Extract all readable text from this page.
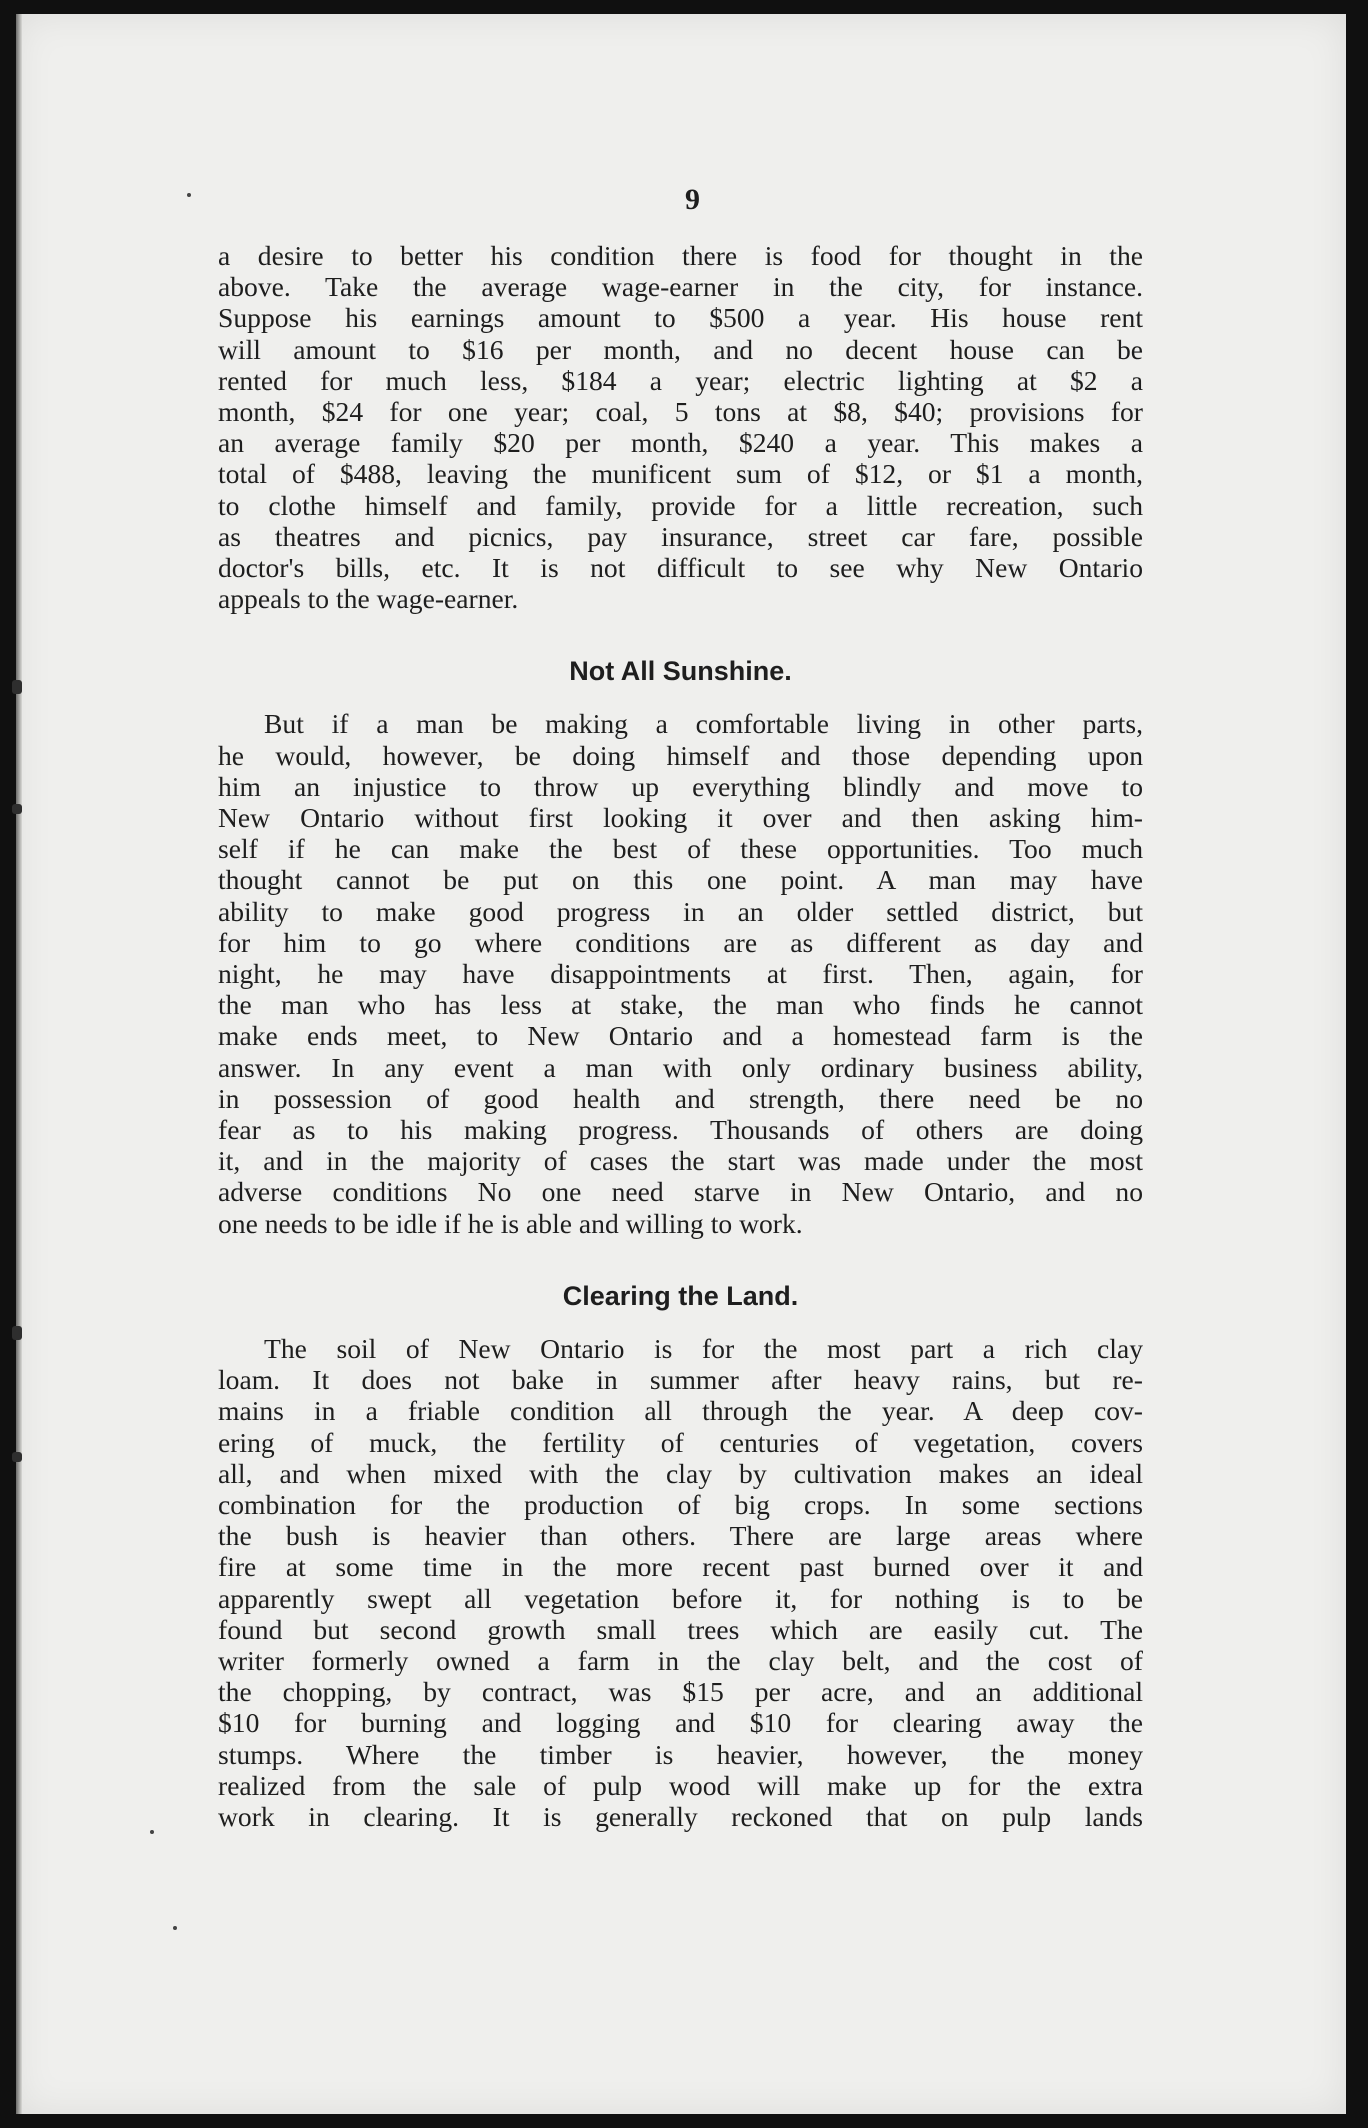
9
a desire to better his condition there is food for thought in the
above. Take the average wage-earner in the city, for instance.
Suppose his earnings amount to $500 a year. His house rent
will amount to $16 per month, and no decent house can be
rented for much less, $184 a year; electric lighting at $2 a
month, $24 for one year; coal, 5 tons at $8, $40; provisions for
an average family $20 per month, $240 a year. This makes a
total of $488, leaving the munificent sum of $12, or $1 a month,
to clothe himself and family, provide for a little recreation, such
as theatres and picnics, pay insurance, street car fare, possible
doctor's bills, etc. It is not difficult to see why New Ontario
appeals to the wage-earner.
Not All Sunshine.
But if a man be making a comfortable living in other parts,
he would, however, be doing himself and those depending upon
him an injustice to throw up everything blindly and move to
New Ontario without first looking it over and then asking him-
self if he can make the best of these opportunities. Too much
thought cannot be put on this one point. A man may have
ability to make good progress in an older settled district, but
for him to go where conditions are as different as day and
night, he may have disappointments at first. Then, again, for
the man who has less at stake, the man who finds he cannot
make ends meet, to New Ontario and a homestead farm is the
answer. In any event a man with only ordinary business ability,
in possession of good health and strength, there need be no
fear as to his making progress. Thousands of others are doing
it, and in the majority of cases the start was made under the most
adverse conditions No one need starve in New Ontario, and no
one needs to be idle if he is able and willing to work.
Clearing the Land.
The soil of New Ontario is for the most part a rich clay
loam. It does not bake in summer after heavy rains, but re-
mains in a friable condition all through the year. A deep cov-
ering of muck, the fertility of centuries of vegetation, covers
all, and when mixed with the clay by cultivation makes an ideal
combination for the production of big crops. In some sections
the bush is heavier than others. There are large areas where
fire at some time in the more recent past burned over it and
apparently swept all vegetation before it, for nothing is to be
found but second growth small trees which are easily cut. The
writer formerly owned a farm in the clay belt, and the cost of
the chopping, by contract, was $15 per acre, and an additional
$10 for burning and logging and $10 for clearing away the
stumps. Where the timber is heavier, however, the money
realized from the sale of pulp wood will make up for the extra
work in clearing. It is generally reckoned that on pulp lands
